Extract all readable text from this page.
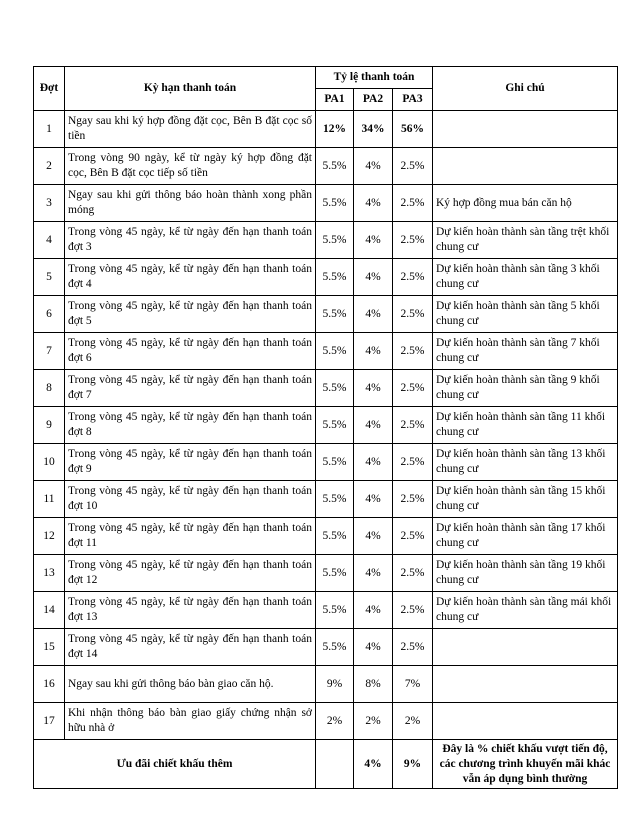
Đợt	Kỳ hạn thanh toán	Tỷ lệ thanh toán			Ghi chú
		PA1	PA2	PA3	
1	Ngay sau khi ký hợp đồng đặt cọc, Bên B đặt cọc số tiền	12%	34%	56%	
2	Trong vòng 90 ngày, kể từ ngày ký hợp đồng đặt cọc, Bên B đặt cọc tiếp số tiền	5.5%	4%	2.5%	
3	Ngay sau khi gửi thông báo hoàn thành xong phần móng	5.5%	4%	2.5%	Ký hợp đồng mua bán căn hộ
4	Trong vòng 45 ngày, kể từ ngày đến hạn thanh toán đợt 3	5.5%	4%	2.5%	Dự kiến hoàn thành sàn tầng trệt khối chung cư
5	Trong vòng 45 ngày, kể từ ngày đến hạn thanh toán đợt 4	5.5%	4%	2.5%	Dự kiến hoàn thành sàn tầng 3 khối chung cư
6	Trong vòng 45 ngày, kể từ ngày đến hạn thanh toán đợt 5	5.5%	4%	2.5%	Dự kiến hoàn thành sàn tầng 5 khối chung cư
7	Trong vòng 45 ngày, kể từ ngày đến hạn thanh toán đợt 6	5.5%	4%	2.5%	Dự kiến hoàn thành sàn tầng 7 khối chung cư
8	Trong vòng 45 ngày, kể từ ngày đến hạn thanh toán đợt 7	5.5%	4%	2.5%	Dự kiến hoàn thành sàn tầng 9 khối chung cư
9	Trong vòng 45 ngày, kể từ ngày đến hạn thanh toán đợt 8	5.5%	4%	2.5%	Dự kiến hoàn thành sàn tầng 11 khối chung cư
10	Trong vòng 45 ngày, kể từ ngày đến hạn thanh toán đợt 9	5.5%	4%	2.5%	Dự kiến hoàn thành sàn tầng 13 khối chung cư
11	Trong vòng 45 ngày, kể từ ngày đến hạn thanh toán đợt 10	5.5%	4%	2.5%	Dự kiến hoàn thành sàn tầng 15 khối chung cư
12	Trong vòng 45 ngày, kể từ ngày đến hạn thanh toán đợt 11	5.5%	4%	2.5%	Dự kiến hoàn thành sàn tầng 17 khối chung cư
13	Trong vòng 45 ngày, kể từ ngày đến hạn thanh toán đợt 12	5.5%	4%	2.5%	Dự kiến hoàn thành sàn tầng 19 khối chung cư
14	Trong vòng 45 ngày, kể từ ngày đến hạn thanh toán đợt 13	5.5%	4%	2.5%	Dự kiến hoàn thành sàn tầng mái khối chung cư
15	Trong vòng 45 ngày, kể từ ngày đến hạn thanh toán đợt 14	5.5%	4%	2.5%	
16	Ngay sau khi gửi thông báo bàn giao căn hộ.	9%	8%	7%	
17	Khi nhận thông báo bàn giao giấy chứng nhận sở hữu nhà ở	2%	2%	2%	
Ưu đãi chiết khấu thêm			4%	9%	Đây là % chiết khấu vượt tiến độ, các chương trình khuyến mãi khác vẫn áp dụng bình thường
